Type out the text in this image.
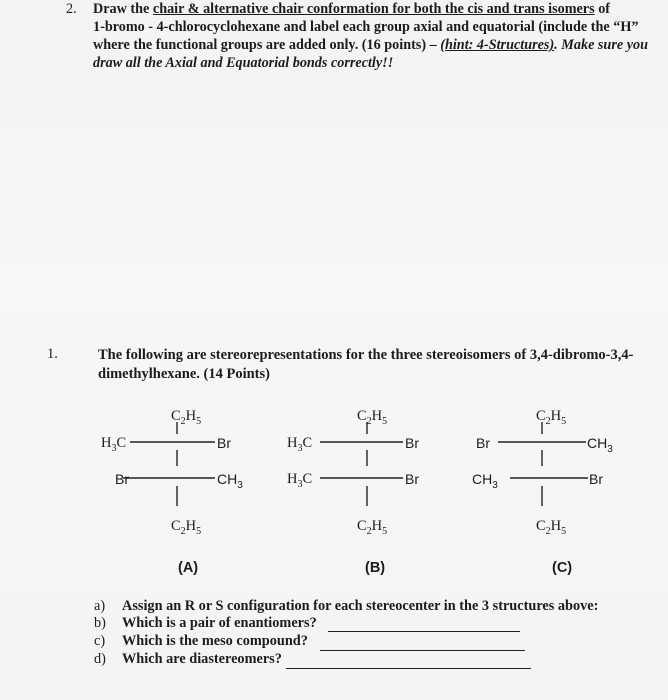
2. Draw the chair & alternative chair conformation for both the cis and trans isomers of
1-bromo - 4-chlorocyclohexane and label each group axial and equatorial (include the “H”
where the functional groups are added only. (16 points) – (hint: 4-Structures). Make sure you
draw all the Axial and Equatorial bonds correctly!!
1.	The following are stereorepresentations for the three stereoisomers of 3,4-dibromo-3,4-
dimethylhexane. (14 Points)
$C_2H_5$
$H_3C$	Br
Br	$CH_3$
$C_2H_5$
(A)
$C_2H_5$
$H_3C$	Br
$H_3C$	Br
$C_2H_5$
(B)
$C_2H_5$
Br	$CH_3$
$CH_3$	Br
$C_2H_5$
(C)
a) Assign an R or S configuration for each stereocenter in the 3 structures above:
b) Which is a pair of enantiomers?
c) Which is the meso compound?
d) Which are diastereomers?
